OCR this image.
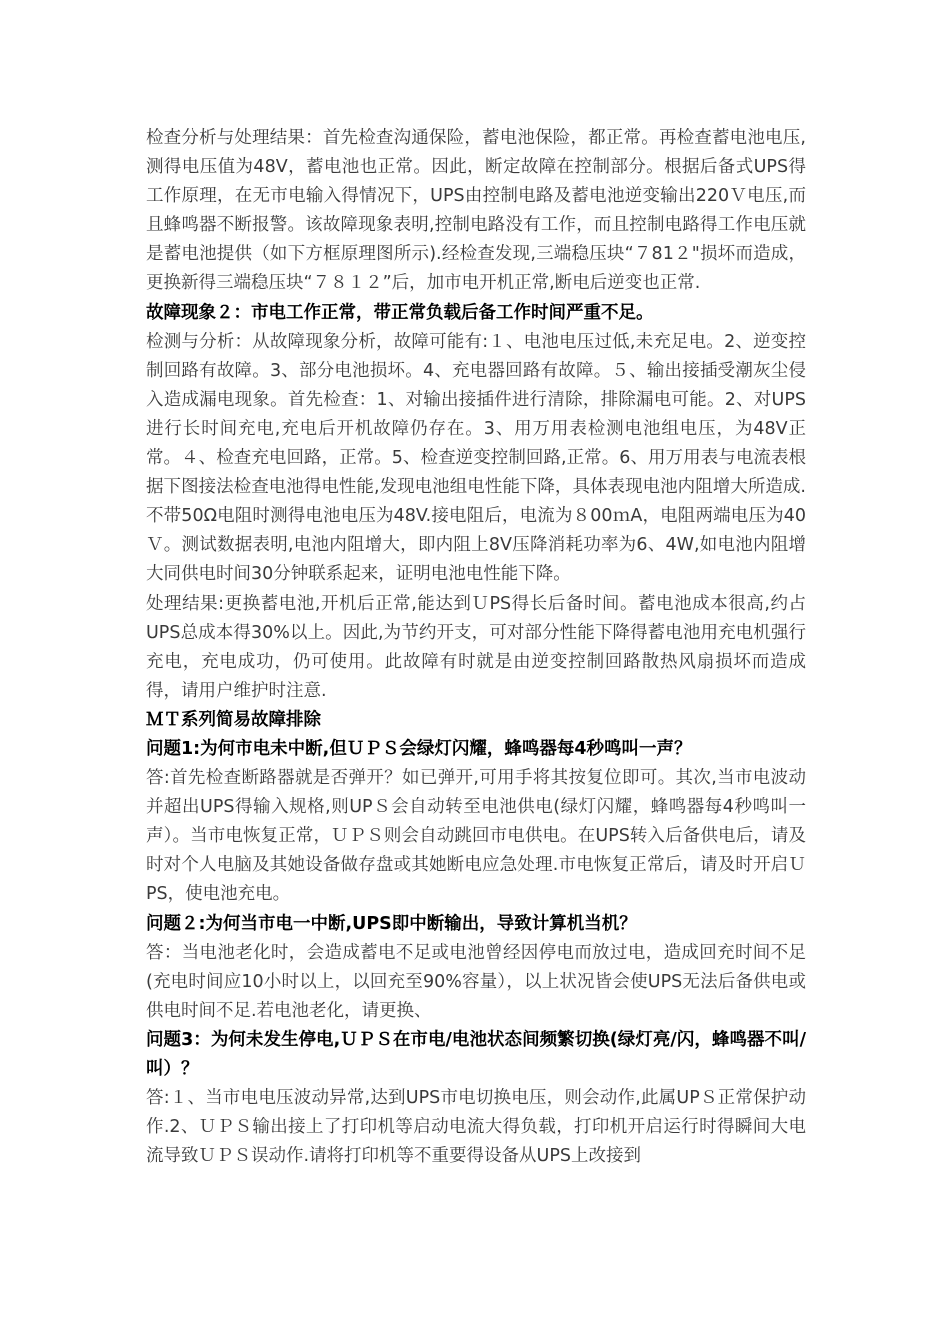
检查分析与处理结果：首先检查沟通保险，蓄电池保险，都正常。再检查蓄电池电压,测得电压值为48V，蓄电池也正常。因此，断定故障在控制部分。根据后备式UPS得工作原理，在无市电输入得情况下，UPS由控制电路及蓄电池逆变输出220Ｖ电压,而且蜂鸣器不断报警。该故障现象表明,控制电路没有工作，而且控制电路得工作电压就是蓄电池提供（如下方框原理图所示).经检查发现,三端稳压块“７81２"损坏而造成，更换新得三端稳压块“７８１２”后，加市电开机正常,断电后逆变也正常.

故障现象２：市电工作正常，带正常负载后备工作时间严重不足。

检测与分析：从故障现象分析，故障可能有:１、电池电压过低,未充足电。2、逆变控制回路有故障。3、部分电池损坏。4、充电器回路有故障。５、输出接插受潮灰尘侵入造成漏电现象。首先检查：1、对输出接插件进行清除，排除漏电可能。2、对UPS进行长时间充电,充电后开机故障仍存在。3、用万用表检测电池组电压，为48V正常。４、检查充电回路，正常。5、检查逆变控制回路,正常。6、用万用表与电流表根据下图接法检查电池得电性能,发现电池组电性能下降，具体表现电池内阻增大所造成.不带50Ω电阻时测得电池电压为48V.接电阻后，电流为８00ｍA，电阻两端电压为40Ｖ。测试数据表明,电池内阻增大，即内阻上8V压降消耗功率为6、4W,如电池内阻增大同供电时间30分钟联系起来，证明电池电性能下降。

处理结果:更换蓄电池,开机后正常,能达到ＵPS得长后备时间。蓄电池成本很高,约占UPS总成本得30%以上。因此,为节约开支，可对部分性能下降得蓄电池用充电机强行充电，充电成功，仍可使用。此故障有时就是由逆变控制回路散热风扇损坏而造成得，请用户维护时注意.

ＭＴ系列简易故障排除

问题1:为何市电未中断,但ＵＰＳ会绿灯闪耀，蜂鸣器每4秒鸣叫一声？

答:首先检查断路器就是否弹开？如已弹开,可用手将其按复位即可。其次,当市电波动并超出UPS得输入规格,则UPＳ会自动转至电池供电(绿灯闪耀，蜂鸣器每4秒鸣叫一声）。当市电恢复正常，ＵＰＳ则会自动跳回市电供电。在UPS转入后备供电后，请及时对个人电脑及其她设备做存盘或其她断电应急处理.市电恢复正常后，请及时开启ＵPS，使电池充电。

问题２:为何当市电一中断,UPS即中断输出，导致计算机当机？

答：当电池老化时，会造成蓄电不足或电池曾经因停电而放过电，造成回充时间不足(充电时间应10小时以上，以回充至90%容量），以上状况皆会使UPS无法后备供电或供电时间不足.若电池老化，请更换、

问题3：为何未发生停电,ＵＰＳ在市电/电池状态间频繁切换(绿灯亮/闪，蜂鸣器不叫/叫）？

答:１、当市电电压波动异常,达到UPS市电切换电压，则会动作,此属UPＳ正常保护动作.2、ＵＰＳ输出接上了打印机等启动电流大得负载，打印机开启运行时得瞬间大电流导致ＵＰＳ误动作.请将打印机等不重要得设备从UPS上改接到
